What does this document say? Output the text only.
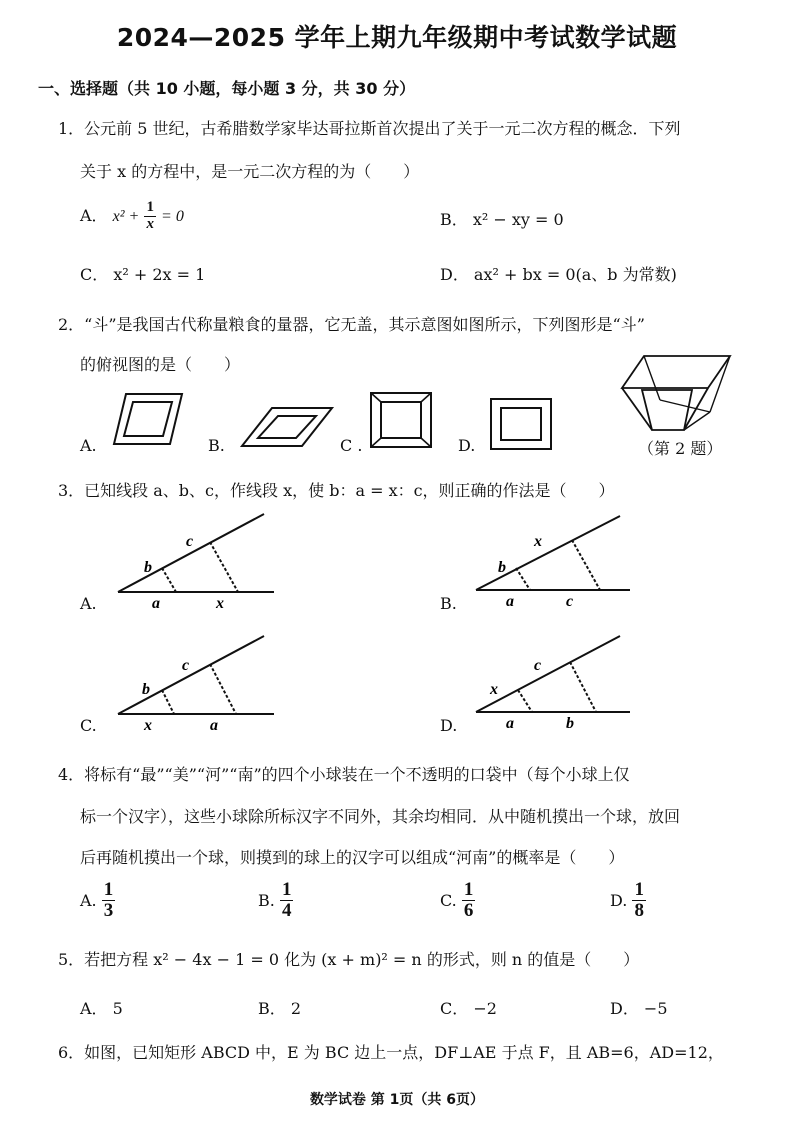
2024—2025 学年上期九年级期中考试数学试题
一、选择题（共 10 小题，每小题 3 分，共 30 分）
1．公元前 5 世纪，古希腊数学家毕达哥拉斯首次提出了关于一元二次方程的概念．下列
关于 x 的方程中，是一元二次方程的为（　　）
A． $x^2 + \frac{1}{x} = 0$	B． x² − xy = 0
C． x² + 2x = 1	D． ax² + bx = 0(a、b 为常数)
2．“斗”是我国古代称量粮食的量器，它无盖，其示意图如图所示，下列图形是“斗”
的俯视图的是（　　）
A.	B.	C .	D.	（第 2 题）
3．已知线段 a、b、c，作线段 x，使 b：a = x：c，则正确的作法是（　　）
A.
b
c
a	x	B.
b
x
a	c
C.
b
c
x	a	D.
x
c
a	b
4．将标有“最”“美”“河”“南”的四个小球装在一个不透明的口袋中（每个小球上仅
标一个汉字），这些小球除所标汉字不同外，其余均相同．从中随机摸出一个球，放回
后再随机摸出一个球，则摸到的球上的汉字可以组成“河南”的概率是（　　）
A. $\frac{1}{3}$	B. $\frac{1}{4}$	C. $\frac{1}{6}$	D. $\frac{1}{8}$
5．若把方程 x² − 4x − 1 = 0 化为 (x + m)² = n 的形式，则 n 的值是（　　）
A． 5	B． 2	C． −2	D． −5
6．如图，已知矩形 ABCD 中，E 为 BC 边上一点，DF⊥AE 于点 F，且 AB=6，AD=12，
数学试卷 第 1页（共 6页）
